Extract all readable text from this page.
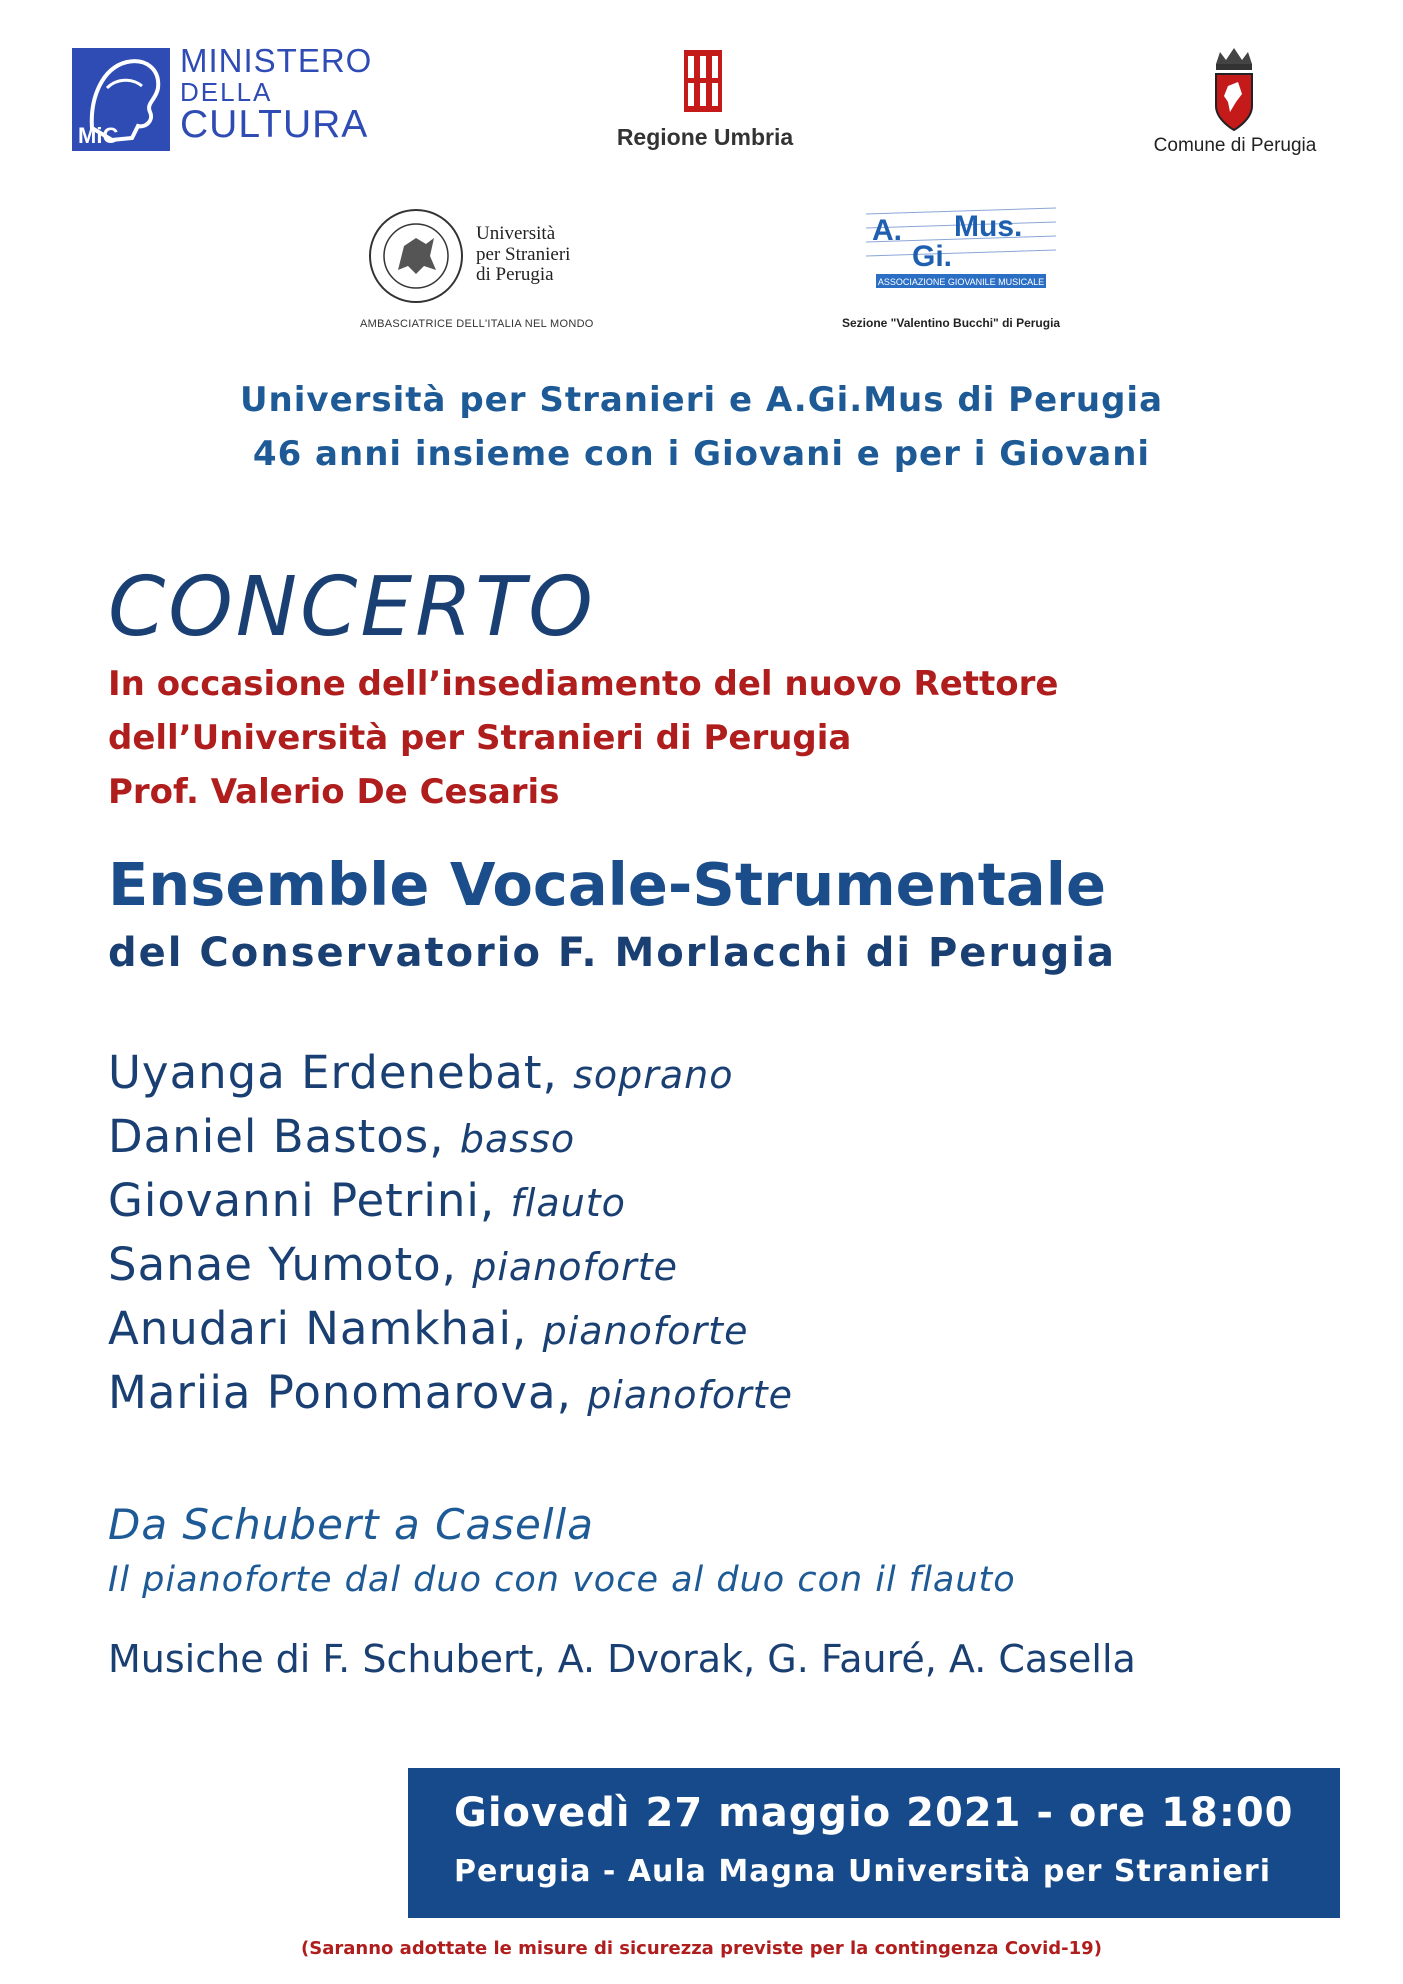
MiC
MINISTERO
DELLA
CULTURA	Regione Umbria	Comune di Perugia
Università
per Stranieri
di Perugia
AMBASCIATRICE DELL'ITALIA NEL MONDO
A. Mus.
Gi.
ASSOCIAZIONE GIOVANILE MUSICALE
Sezione "Valentino Bucchi" di Perugia
Università per Stranieri e A.Gi.Mus di Perugia
46 anni insieme con i Giovani e per i Giovani
CONCERTO
In occasione dell’insediamento del nuovo Rettore
dell’Università per Stranieri di Perugia
Prof. Valerio De Cesaris
Ensemble Vocale-Strumentale
del Conservatorio F. Morlacchi di Perugia
Uyanga Erdenebat, soprano
Daniel Bastos, basso
Giovanni Petrini, flauto
Sanae Yumoto, pianoforte
Anudari Namkhai, pianoforte
Mariia Ponomarova, pianoforte
Da Schubert a Casella
Il pianoforte dal duo con voce al duo con il flauto
Musiche di F. Schubert, A. Dvorak, G. Fauré, A. Casella
Giovedì 27 maggio 2021 - ore 18:00
Perugia - Aula Magna Università per Stranieri
(Saranno adottate le misure di sicurezza previste per la contingenza Covid-19)
